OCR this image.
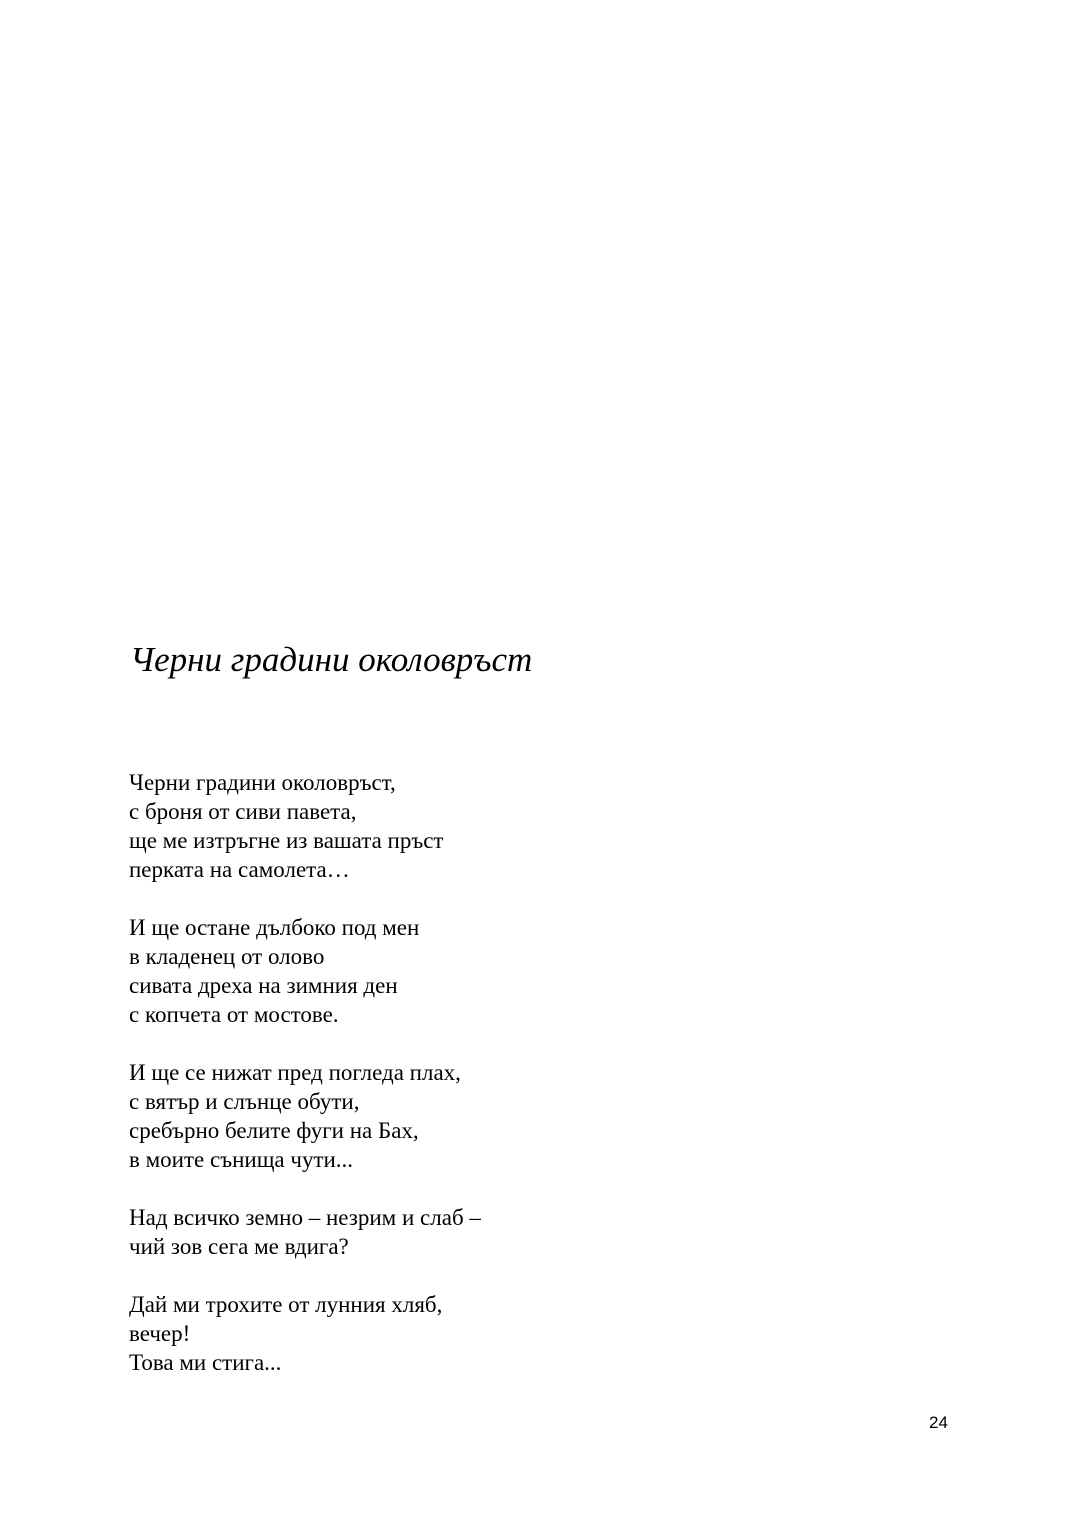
Черни градини околовръст
Черни градини околовръст,
с броня от сиви павета,
ще ме изтръгне из вашата пръст
перката на самолета…
И ще остане дълбоко под мен
в кладенец от олово
сивата дреха на зимния ден
с копчета от мостове.
И ще се нижат пред погледа плах,
с вятър и слънце обути,
сребърно белите фуги на Бах,
в моите сънища чути...
Над всичко земно – незрим и слаб –
чий зов сега ме вдига?
Дай ми трохите от лунния хляб,
вечер!
Това ми стига...
24
